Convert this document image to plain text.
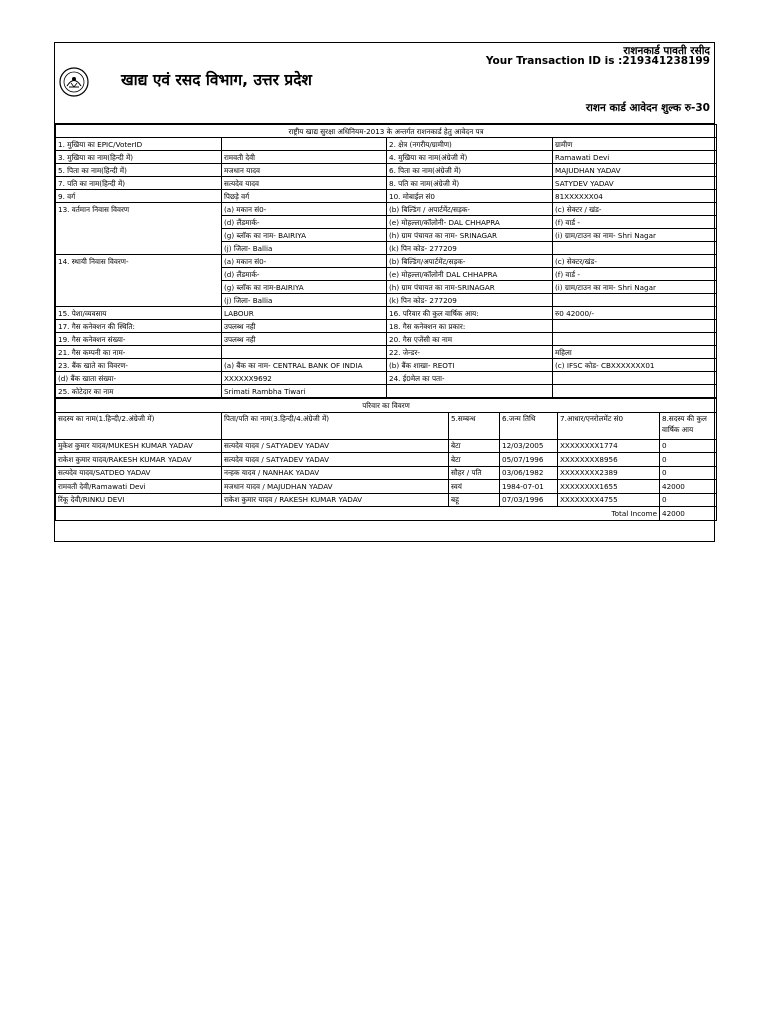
खाद्य एवं रसद विभाग, उत्तर प्रदेश
राशनकार्ड पावती रसीद
Your Transaction ID is :219341238199
राशन कार्ड आवेदन शुल्क रु-30
राष्ट्रीय खाद्य सुरक्षा अधिनियम-2013 के अन्तर्गत राशनकार्ड हेतु आवेदन पत्र			
1. मुखिया का EPIC/VoterID		2. क्षेत्र (नगरीय/ग्रामीण)	ग्रामीण
3. मुखिया का नाम(हिन्दी में)	रामवती देवी	4. मुखिया का नाम(अंग्रेजी में)	Ramawati Devi
5. पिता का नाम(हिन्दी में)	मजधान यादव	6. पिता का नाम(अंग्रेजी में)	MAJUDHAN YADAV
7. पति का नाम(हिन्दी में)	सत्यदेव यादव	8. पति का नाम(अंग्रेजी में)	SATYDEV YADAV
9. वर्ग	पिछड़े वर्ग	10. मोबाईल सं0	81XXXXXX04
13. वर्तमान निवास विवरण	(a) मकान सं0-	(b) बिल्डिंग / अपार्टमेंट/सड़क-	(c) सेक्टर / खंड-
	(d) लैंडमार्क-	(e) मोहल्ला/कॉलोनी- DAL CHHAPRA	(f) वार्ड -
	(g) ब्लॉक का नाम- BAIRIYA	(h) ग्राम पंचायत का नाम- SRINAGAR	(i) ग्राम/टाउन का नाम- Shri Nagar
	(j) जिला- Ballia	(k) पिन कोड- 277209	
14. स्थायी निवास विवरण-	(a) मकान सं0-	(b) बिल्डिंग/अपार्टमेंट/सड़क-	(c) सेक्टर/खंड-
	(d) लैंडमार्क-	(e) मोहल्ला/कॉलोनी DAL CHHAPRA	(f) वार्ड -
	(g) ब्लॉक का नाम-BAIRIYA	(h) ग्राम पंचायत का नाम-SRINAGAR	(i) ग्राम/टाउन का नाम- Shri Nagar
	(j) जिला- Ballia	(k) पिन कोड- 277209	
15. पेशा/व्यवसाय	LABOUR	16. परिवार की कुल वार्षिक आय:	रु0 42000/-
17. गैस कनेक्शन की स्थिति:	उपलब्ध नही	18. गैस कनेक्शन का प्रकार:	
19. गैस कनेक्शन संख्या-	उपलब्ध नही	20. गैस एजेंसी का नाम	
21. गैस कम्पनी का नाम-		22. जेन्डर-	महिला
23. बैंक खाते का विवरण-	(a) बैंक का नाम- CENTRAL BANK OF INDIA	(b) बैंक शाखा- REOTI	(c) IFSC कोड- CBXXXXXXX01
(d) बैंक खाता संख्या-	XXXXXX9692	24. ई0मेल का पता-	
25. कोटेदार का नाम	Srimati Rambha Tiwari		
परिवार का विवरण					
सदस्य का नाम(1.हिन्दी/2.अंग्रेजी में)	पिता/पति का नाम(3.हिन्दी/4.अंग्रेजी में)	5.सम्बन्ध	6.जन्म तिथि	7.आधार/एनरोलमेंट सं0	8.सदस्य की कुल वार्षिक आय
मुकेश कुमार यादव/MUKESH KUMAR YADAV	सत्यदेव यादव / SATYADEV YADAV	बेटा	12/03/2005	XXXXXXXX1774	0
राकेश कुमार यादव/RAKESH KUMAR YADAV	सत्यदेव यादव / SATYADEV YADAV	बेटा	05/07/1996	XXXXXXXX8956	0
सत्यदेव यादव/SATDEO YADAV	नन्हक यादव / NANHAK YADAV	सौहर / पति	03/06/1982	XXXXXXXX2389	0
रामवती देवी/Ramawati Devi	मजधान यादव / MAJUDHAN YADAV	स्वयं	1984-07-01	XXXXXXXX1655	42000
रिंकू देवी/RINKU DEVI	राकेश कुमार यादव / RAKESH KUMAR YADAV	बहू	07/03/1996	XXXXXXXX4755	0
Total Income					42000
